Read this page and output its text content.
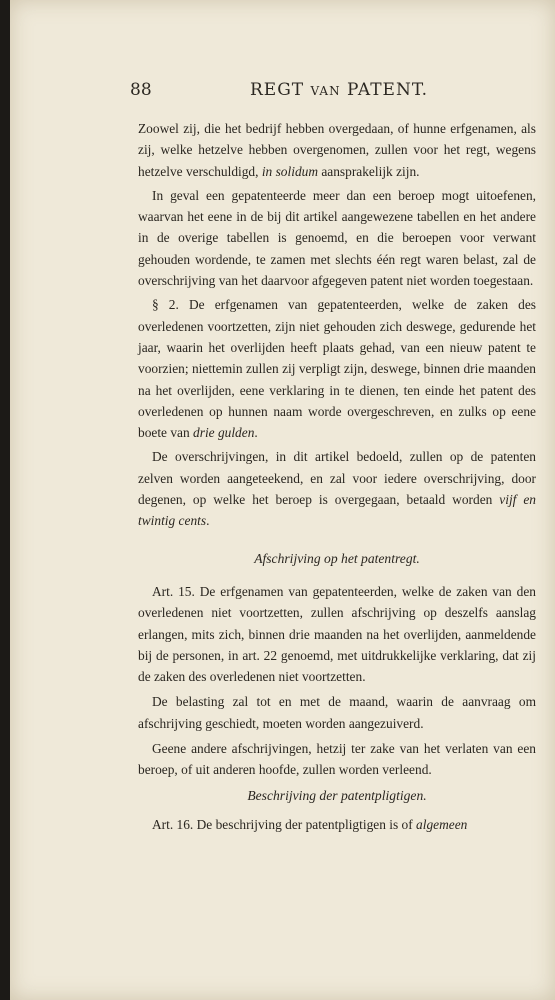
88	REGT VAN PATENT.

Zoowel zij, die het bedrijf hebben overgedaan, of hunne erfgenamen, als zij, welke hetzelve hebben overgenomen, zullen voor het regt, wegens hetzelve verschuldigd, in solidum aansprakelijk zijn.

In geval een gepatenteerde meer dan een beroep mogt uitoefenen, waarvan het eene in de bij dit artikel aangewezene tabellen en het andere in de overige tabellen is genoemd, en die beroepen voor verwant gehouden wordende, te zamen met slechts één regt waren belast, zal de overschrijving van het daarvoor afgegeven patent niet worden toegestaan.

§ 2. De erfgenamen van gepatenteerden, welke de zaken des overledenen voortzetten, zijn niet gehouden zich deswege, gedurende het jaar, waarin het overlijden heeft plaats gehad, van een nieuw patent te voorzien; niettemin zullen zij verpligt zijn, deswege, binnen drie maanden na het overlijden, eene verklaring in te dienen, ten einde het patent des overledenen op hunnen naam worde overgeschreven, en zulks op eene boete van drie gulden.

De overschrijvingen, in dit artikel bedoeld, zullen op de patenten zelven worden aangeteekend, en zal voor iedere overschrijving, door degenen, op welke het beroep is overgegaan, betaald worden vijf en twintig cents.

Afschrijving op het patentregt.

Art. 15. De erfgenamen van gepatenteerden, welke de zaken van den overledenen niet voortzetten, zullen afschrijving op deszelfs aanslag erlangen, mits zich, binnen drie maanden na het overlijden, aanmeldende bij de personen, in art. 22 genoemd, met uitdrukkelijke verklaring, dat zij de zaken des overledenen niet voortzetten.

De belasting zal tot en met de maand, waarin de aanvraag om afschrijving geschiedt, moeten worden aangezuiverd.

Geene andere afschrijvingen, hetzij ter zake van het verlaten van een beroep, of uit anderen hoofde, zullen worden verleend.

Beschrijving der patentpligtigen.

Art. 16. De beschrijving der patentpligtigen is of algemeen
